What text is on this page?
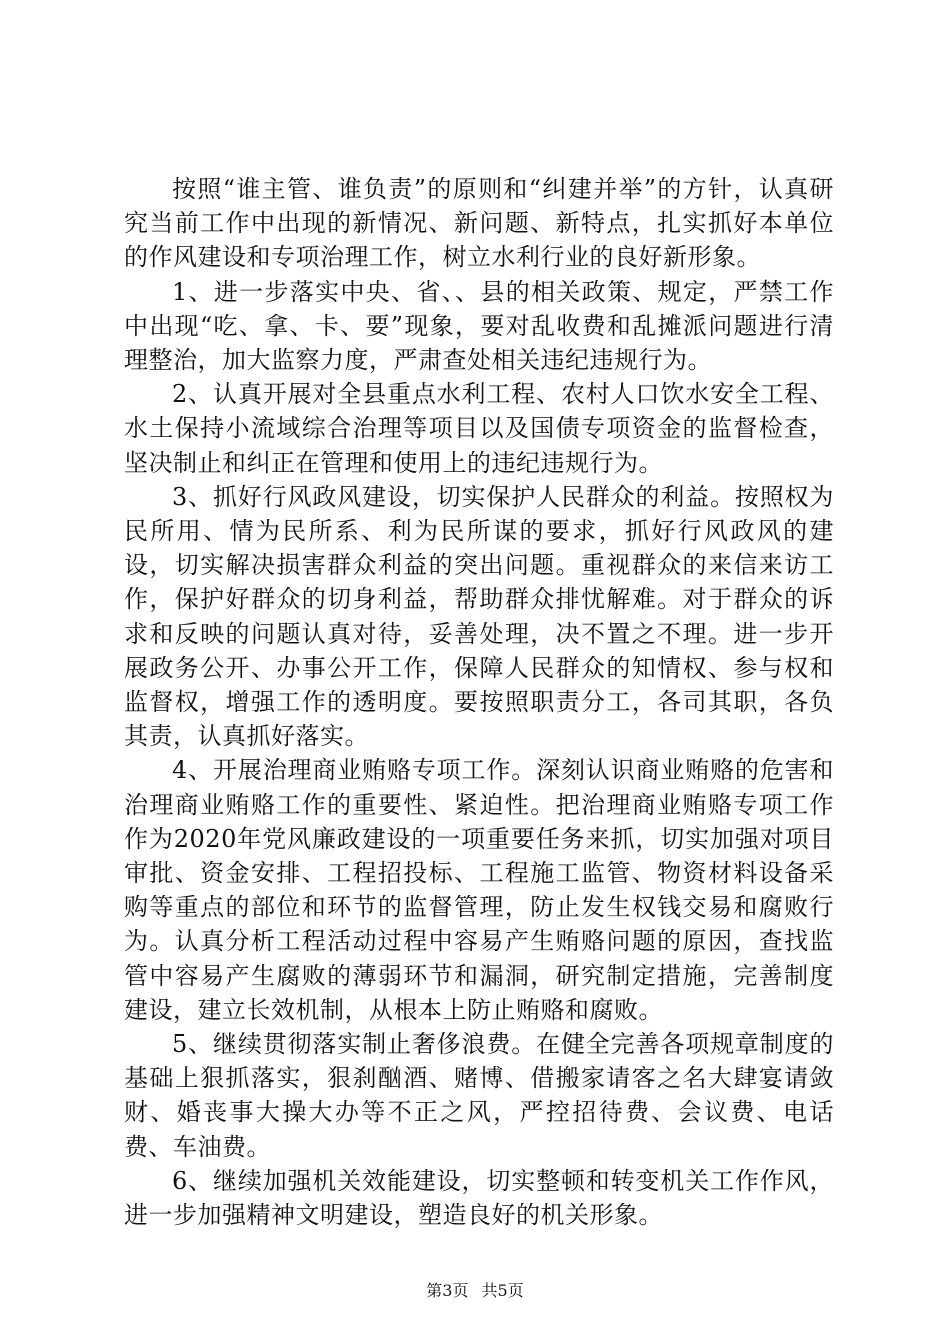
按照“谁主管、谁负责”的原则和“纠建并举”的方针，认真研究当前工作中出现的新情况、新问题、新特点，扎实抓好本单位的作风建设和专项治理工作，树立水利行业的良好新形象。

1、进一步落实中央、省、、县的相关政策、规定，严禁工作中出现“吃、拿、卡、要”现象，要对乱收费和乱摊派问题进行清理整治，加大监察力度，严肃查处相关违纪违规行为。

2、认真开展对全县重点水利工程、农村人口饮水安全工程、水土保持小流域综合治理等项目以及国债专项资金的监督检查，坚决制止和纠正在管理和使用上的违纪违规行为。

3、抓好行风政风建设，切实保护人民群众的利益。按照权为民所用、情为民所系、利为民所谋的要求，抓好行风政风的建设，切实解决损害群众利益的突出问题。重视群众的来信来访工作，保护好群众的切身利益，帮助群众排忧解难。对于群众的诉求和反映的问题认真对待，妥善处理，决不置之不理。进一步开展政务公开、办事公开工作，保障人民群众的知情权、参与权和监督权，增强工作的透明度。要按照职责分工，各司其职，各负其责，认真抓好落实。

4、开展治理商业贿赂专项工作。深刻认识商业贿赂的危害和治理商业贿赂工作的重要性、紧迫性。把治理商业贿赂专项工作作为2020年党风廉政建设的一项重要任务来抓，切实加强对项目审批、资金安排、工程招投标、工程施工监管、物资材料设备采购等重点的部位和环节的监督管理，防止发生权钱交易和腐败行为。认真分析工程活动过程中容易产生贿赂问题的原因，查找监管中容易产生腐败的薄弱环节和漏洞，研究制定措施，完善制度建设，建立长效机制，从根本上防止贿赂和腐败。

5、继续贯彻落实制止奢侈浪费。在健全完善各项规章制度的基础上狠抓落实，狠刹酗酒、赌博、借搬家请客之名大肆宴请敛财、婚丧事大操大办等不正之风，严控招待费、会议费、电话费、车油费。

6、继续加强机关效能建设，切实整顿和转变机关工作作风，进一步加强精神文明建设，塑造良好的机关形象。

第3页 共5页
